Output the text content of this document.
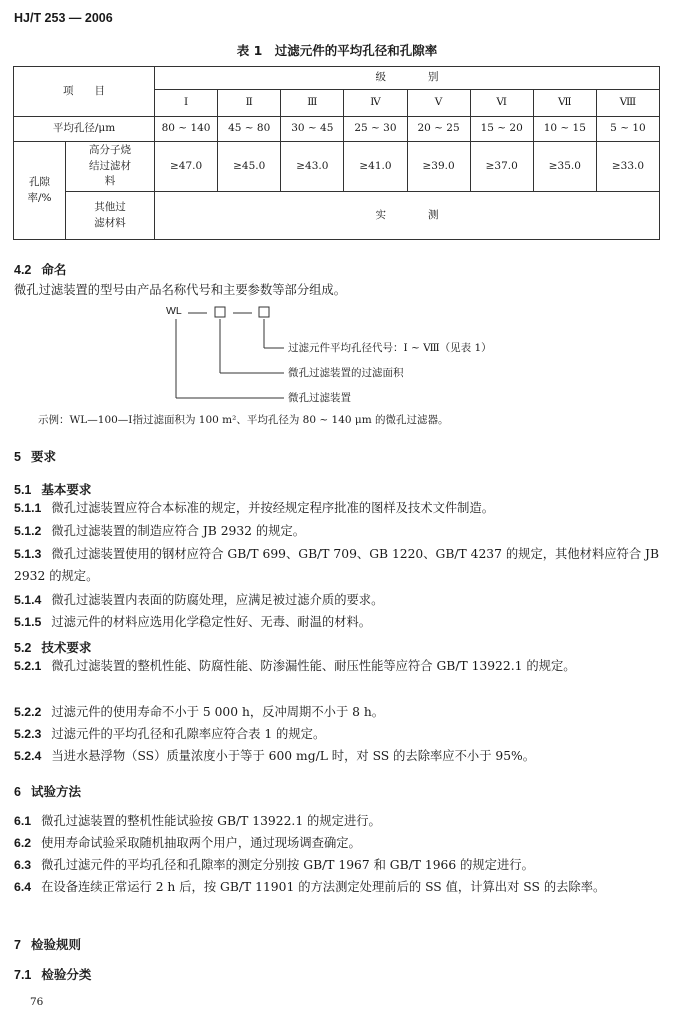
HJ/T 253 — 2006
表 1　过滤元件的平均孔径和孔隙率
项　　目		级　　　　别							
		Ⅰ	Ⅱ	Ⅲ	Ⅳ	Ⅴ	Ⅵ	Ⅶ	Ⅷ
平均孔径/μm		80 ~ 140	45 ~ 80	30 ~ 45	25 ~ 30	20 ~ 25	15 ~ 20	10 ~ 15	5 ~ 10

孔隙率/%	高分子烧结过滤材料	≥47.0	≥45.0	≥43.0	≥41.0	≥39.0	≥37.0	≥35.0	≥33.0

	其他过滤材料	实　　　　测							
4.2 命名
微孔过滤装置的型号由产品名称代号和主要参数等部分组成。
WL
过滤元件平均孔径代号：Ⅰ ~ Ⅷ（见表 1）
微孔过滤装置的过滤面积
微孔过滤装置
示例：WL—100—Ⅰ指过滤面积为 100 m²、平均孔径为 80 ~ 140 μm 的微孔过滤器。
5 要求
5.1 基本要求
5.1.1 微孔过滤装置应符合本标准的规定，并按经规定程序批准的图样及技术文件制造。
5.1.2 微孔过滤装置的制造应符合 JB 2932 的规定。
5.1.3 微孔过滤装置使用的钢材应符合 GB/T 699、GB/T 709、GB 1220、GB/T 4237 的规定，其他材料应符合 JB 2932 的规定。
5.1.4 微孔过滤装置内表面的防腐处理，应满足被过滤介质的要求。
5.1.5 过滤元件的材料应选用化学稳定性好、无毒、耐温的材料。
5.2 技术要求
5.2.1 微孔过滤装置的整机性能、防腐性能、防渗漏性能、耐压性能等应符合 GB/T 13922.1 的规定。
5.2.2 过滤元件的使用寿命不小于 5 000 h，反冲周期不小于 8 h。
5.2.3 过滤元件的平均孔径和孔隙率应符合表 1 的规定。
5.2.4 当进水悬浮物（SS）质量浓度小于等于 600 mg/L 时，对 SS 的去除率应不小于 95%。
6 试验方法
6.1 微孔过滤装置的整机性能试验按 GB/T 13922.1 的规定进行。
6.2 使用寿命试验采取随机抽取两个用户，通过现场调查确定。
6.3 微孔过滤元件的平均孔径和孔隙率的测定分别按 GB/T 1967 和 GB/T 1966 的规定进行。
6.4 在设备连续正常运行 2 h 后，按 GB/T 11901 的方法测定处理前后的 SS 值，计算出对 SS 的去除率。
7 检验规则
7.1 检验分类
76
